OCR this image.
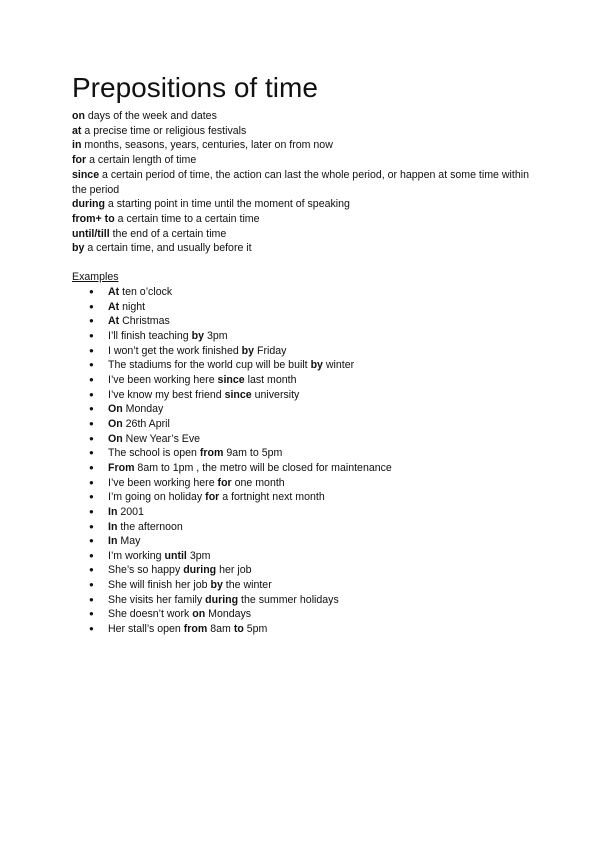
Prepositions of time

on days of the week and dates

at a precise time or religious festivals

in months, seasons, years, centuries, later on from now

for a certain length of time

since a certain period of time, the action can last the whole period, or happen at some time within the period

during a starting point in time until the moment of speaking

from+ to a certain time to a certain time

until/till the end of a certain time

by a certain time, and usually before it

Examples

● At ten o’clock
● At night
● At Christmas
● I’ll finish teaching by 3pm
● I won’t get the work finished by Friday
● The stadiums for the world cup will be built by winter
● I’ve been working here since last month
● I’ve know my best friend since university
● On Monday
● On 26th April
● On New Year’s Eve
● The school is open from 9am to 5pm
● From 8am to 1pm , the metro will be closed for maintenance
● I’ve been working here for one month
● I’m going on holiday for a fortnight next month
● In 2001
● In the afternoon
● In May
● I’m working until 3pm
● She’s so happy during her job
● She will finish her job by the winter
● She visits her family during the summer holidays
● She doesn’t work on Mondays
● Her stall’s open from 8am to 5pm
